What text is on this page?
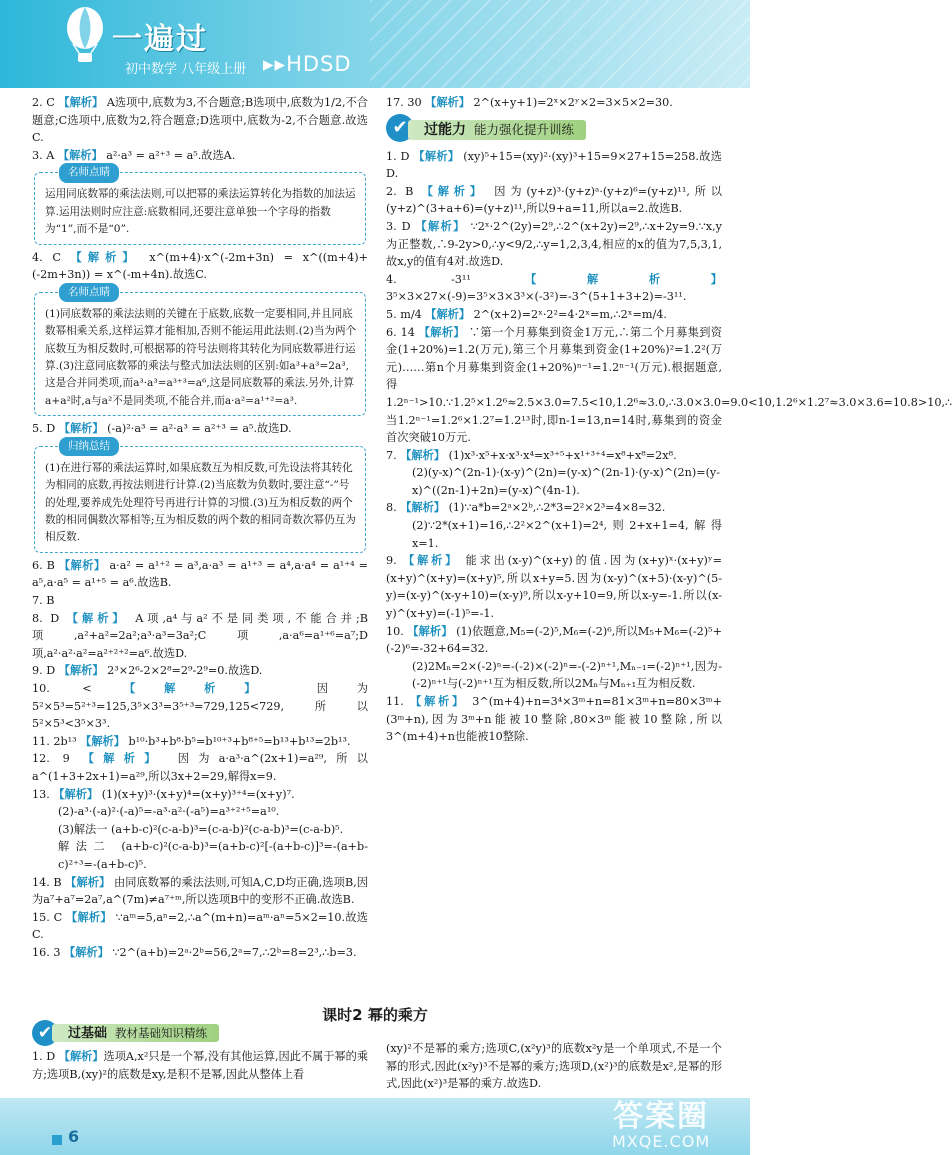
一遍过
初中数学 八年级上册 ▸▸HDSD

2. C 【解析】 A选项中,底数为3,不合题意;B选项中,底数为1/2,不合题意;C选项中,底数为2,符合题意;D选项中,底数为-2,不合题意.故选C.

3. A 【解析】 a²·a³ = a²⁺³ = a⁵.故选A.

名师点睛
运用同底数幂的乘法法则,可以把幂的乘法运算转化为指数的加法运算.运用法则时应注意:底数相同,还要注意单独一个字母的指数为“1”,而不是“0”.

4. C 【解析】 x^(m+4)·x^(-2m+3n) = x^((m+4)+(-2m+3n)) = x^(-m+4n).故选C.

名师点睛
(1)同底数幂的乘法法则的关键在于底数,底数一定要相同,并且同底数幂相乘关系,这样运算才能相加,否则不能运用此法则.(2)当为两个底数互为相反数时,可根据幂的符号法则将其转化为同底数幂进行运算.(3)注意同底数幂的乘法与整式加法法则的区别:如a³+a³=2a³,这是合并同类项,而a³·a³=a³⁺³=a⁶,这是同底数幂的乘法.另外,计算a+a²时,a与a²不是同类项,不能合并,而a·a²=a¹⁺²=a³.

5. D 【解析】 (-a)²·a³ = a²·a³ = a²⁺³ = a⁵.故选D.

归纳总结
(1)在进行幂的乘法运算时,如果底数互为相反数,可先设法将其转化为相同的底数,再按法则进行计算.(2)当底数为负数时,要注意“-”号的处理,要养成先处理符号再进行计算的习惯.(3)互为相反数的两个数的相同偶数次幂相等;互为相反数的两个数的相同奇数次幂仍互为相反数.

6. B 【解析】 a·a² = a¹⁺² = a³,a·a³ = a¹⁺³ = a⁴,a·a⁴ = a¹⁺⁴ = a⁵,a·a⁵ = a¹⁺⁵ = a⁶.故选B.

7. B

8. D 【解析】 A项,a⁴与a²不是同类项,不能合并;B项,a²+a²=2a²;a³·a³=3a²;C项,a·a⁶=a¹⁺⁶=a⁷;D项,a²·a²·a²=a²⁺²⁺²=a⁶.故选D.

9. D 【解析】 2³×2⁶-2×2⁸=2⁹-2⁹=0.故选D.

10. < 【解析】	因为5²×5³=5²⁺³=125,3⁵×3³=3⁵⁺³=729,125<729,所以5²×5³<3⁵×3³.

11. 2b¹³ 【解析】 b¹⁰·b³+b⁸·b⁵=b¹⁰⁺³+b⁸⁺⁵=b¹³+b¹³=2b¹³.

12. 9 【解析】 因为a·a³·a^(2x+1)=a²⁹,所以a^(1+3+2x+1)=a²⁹,所以3x+2=29,解得x=9.

13. 【解析】 (1)(x+y)³·(x+y)⁴=(x+y)³⁺⁴=(x+y)⁷.

(2)-a³·(-a)²·(-a)⁵=-a³·a²·(-a⁵)=a³⁺²⁺⁵=a¹⁰.

(3)解法一 (a+b-c)²(c-a-b)³=(c-a-b)²(c-a-b)³=(c-a-b)⁵.

解法二 (a+b-c)²(c-a-b)³=(a+b-c)²[-(a+b-c)]³=-(a+b-c)²⁺³=-(a+b-c)⁵.

14. B 【解析】 由同底数幂的乘法法则,可知A,C,D均正确,选项B,因为a⁷+a⁷=2a⁷,a^(7m)≠a⁷⁺ᵐ,所以选项B中的变形不正确.故选B.

15. C 【解析】 ∵aᵐ=5,aⁿ=2,∴a^(m+n)=aᵐ·aⁿ=5×2=10.故选C.

16. 3 【解析】 ∵2^(a+b)=2ᵃ·2ᵇ=56,2ᵃ=7,∴2ᵇ=8=2³,∴b=3.

17. 30 【解析】 2^(x+y+1)=2ˣ×2ʸ×2=3×5×2=30.

✔	过能力 能力强化提升训练

1. D 【解析】 (xy)⁵+15=(xy)²·(xy)³+15=9×27+15=258.故选D.

2. B 【解析】 因为(y+z)³·(y+z)ᵃ·(y+z)⁶=(y+z)¹¹,所以(y+z)^(3+a+6)=(y+z)¹¹,所以9+a=11,所以a=2.故选B.

3. D 【解析】 ∵2ˣ·2^(2y)=2⁹,∴2^(x+2y)=2⁹,∴x+2y=9.∵x,y为正整数,∴9-2y>0,∴y<9/2,∴y=1,2,3,4,相应的x的值为7,5,3,1,故x,y的值有4对.故选D.

4. -3¹¹ 【解析】 3⁵×3×27×(-9)=3⁵×3×3³×(-3²)=-3^(5+1+3+2)=-3¹¹.

5. m/4 【解析】 2^(x+2)=2ˣ·2²=4·2ˣ=m,∴2ˣ=m/4.

6. 14 【解析】 ∵第一个月募集到资金1万元,∴第二个月募集到资金(1+20%)=1.2(万元),第三个月募集到资金(1+20%)²=1.2²(万元)……第n个月募集到资金(1+20%)ⁿ⁻¹=1.2ⁿ⁻¹(万元).根据题意,得1.2ⁿ⁻¹>10.∵1.2⁵×1.2⁶≈2.5×3.0=7.5<10,1.2⁶≈3.0,∴3.0×3.0=9.0<10,1.2⁶×1.2⁷≈3.0×3.6=10.8>10,∴当1.2ⁿ⁻¹=1.2⁶×1.2⁷=1.2¹³时,即n-1=13,n=14时,募集到的资金首次突破10万元.

7. 【解析】 (1)x³·x⁵+x·x³·x⁴=x³⁺⁵+x¹⁺³⁺⁴=x⁸+x⁸=2x⁸.

(2)(y-x)^(2n-1)·(x-y)^(2n)=(y-x)^(2n-1)·(y-x)^(2n)=(y-x)^((2n-1)+2n)=(y-x)^(4n-1).

8. 【解析】 (1)∵a*b=2ᵃ×2ᵇ,∴2*3=2²×2³=4×8=32.

(2)∵2*(x+1)=16,∴2²×2^(x+1)=2⁴,则2+x+1=4,解得x=1.

9. 【解析】 能求出(x-y)^(x+y)的值.因为(x+y)ˣ·(x+y)ʸ=(x+y)^(x+y)=(x+y)⁵,所以x+y=5.因为(x-y)^(x+5)·(x-y)^(5-y)=(x-y)^(x-y+10)=(x-y)⁹,所以x-y+10=9,所以x-y=-1.所以(x-y)^(x+y)=(-1)⁵=-1.

10. 【解析】 (1)依题意,M₅=(-2)⁵,M₆=(-2)⁶,所以M₅+M₆=(-2)⁵+(-2)⁶=-32+64=32.

(2)2Mₙ=2×(-2)ⁿ=-(-2)×(-2)ⁿ=-(-2)ⁿ⁺¹,Mₙ₋₁=(-2)ⁿ⁺¹,因为-(-2)ⁿ⁺¹与(-2)ⁿ⁺¹互为相反数,所以2Mₙ与Mₙ₊₁互为相反数.

11. 【解析】 3^(m+4)+n=3⁴×3ᵐ+n=81×3ᵐ+n=80×3ᵐ+(3ᵐ+n),因为3ᵐ+n能被10整除,80×3ᵐ能被10整除,所以3^(m+4)+n也能被10整除.

课时2 幂的乘方
✔	过基础 教材基础知识精练

1. D 【解析】选项A,x²只是一个幂,没有其他运算,因此不属于幂的乘方;选项B,(xy)²的底数是xy,是积不是幂,因此从整体上看

(xy)²不是幂的乘方;选项C,(x²y)³的底数x²y是一个单项式,不是一个幂的形式,因此(x²y)³不是幂的乘方;选项D,(x²)³的底数是x²,是幂的形式,因此(x²)³是幂的乘方.故选D.

6
答案圈
MXQE.COM
